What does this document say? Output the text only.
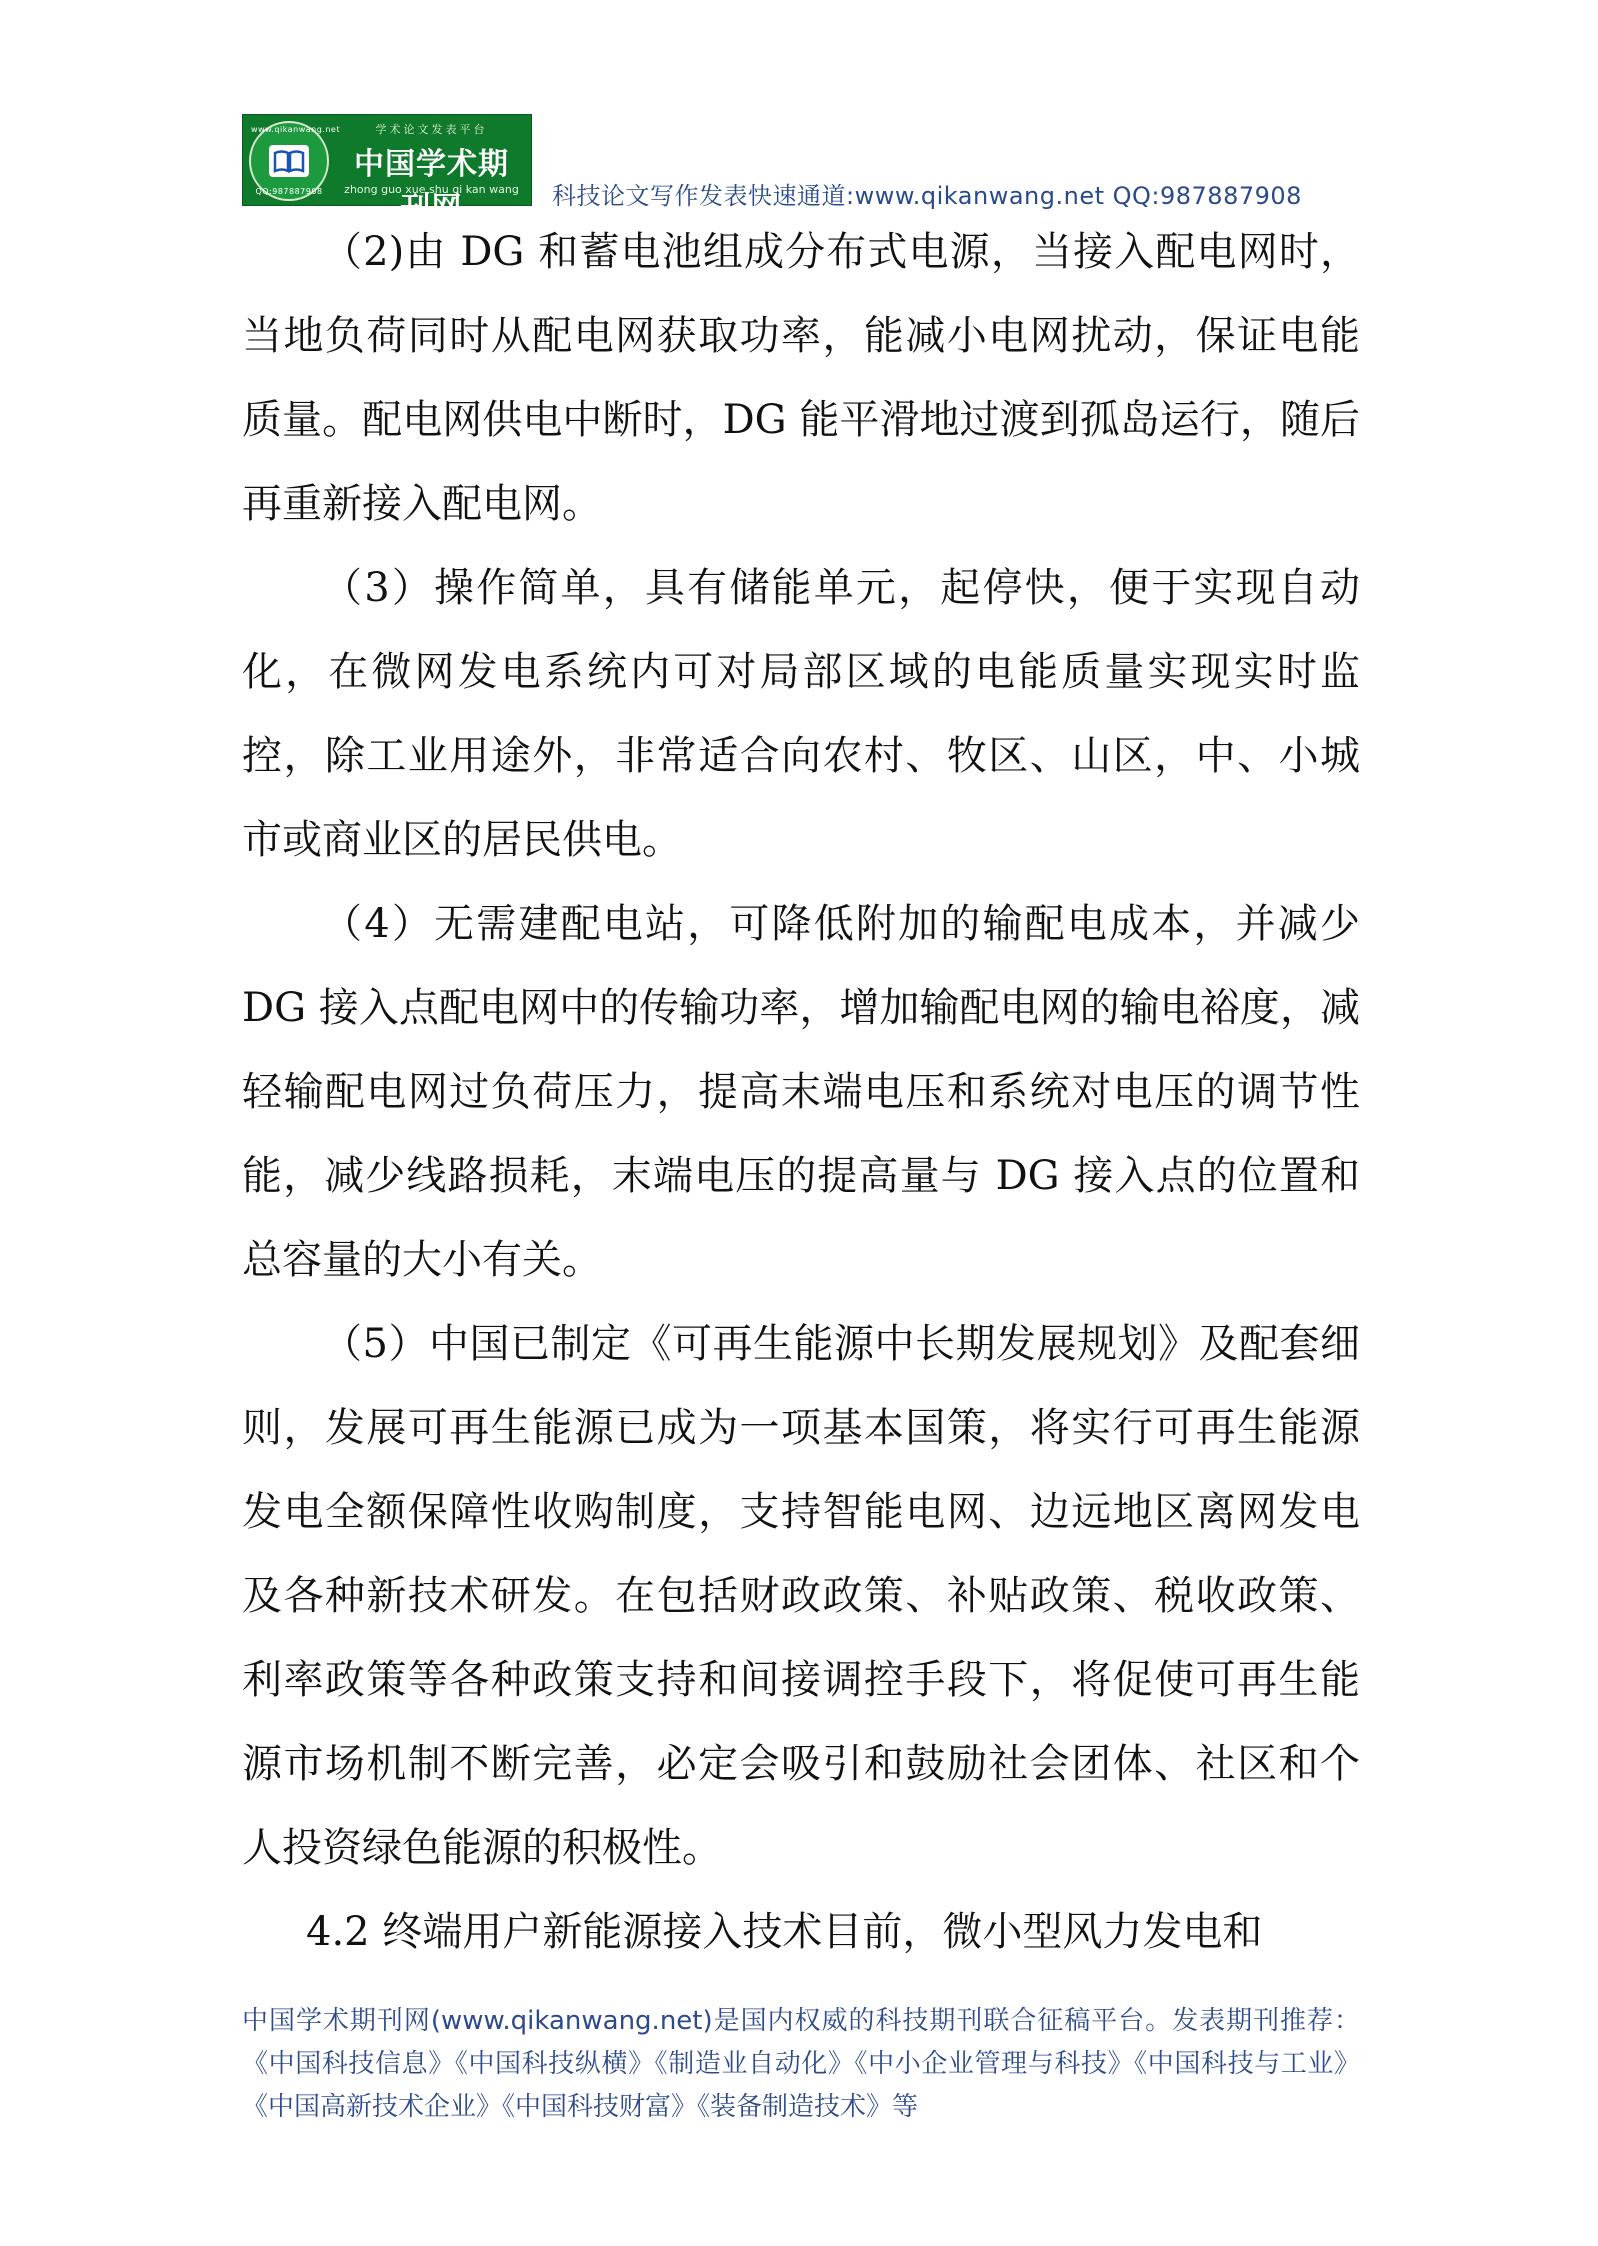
www.qikanwang.net
QQ:987887908
学术论文发表平台
中国学术期刊网
zhong guo xue shu qi kan wang 科技论文写作发表快速通道:www.qikanwang.net QQ:987887908

（2)由 DG 和蓄电池组成分布式电源，当接入配电网时，当地负荷同时从配电网获取功率，能减小电网扰动，保证电能质量。配电网供电中断时，DG 能平滑地过渡到孤岛运行，随后再重新接入配电网。

（3）操作简单，具有储能单元，起停快，便于实现自动化，在微网发电系统内可对局部区域的电能质量实现实时监控，除工业用途外，非常适合向农村、牧区、山区，中、小城市或商业区的居民供电。

（4）无需建配电站，可降低附加的输配电成本，并减少 DG 接入点配电网中的传输功率，增加输配电网的输电裕度，减轻输配电网过负荷压力，提高末端电压和系统对电压的调节性能，减少线路损耗，末端电压的提高量与 DG 接入点的位置和总容量的大小有关。

（5）中国已制定《可再生能源中长期发展规划》及配套细则，发展可再生能源已成为一项基本国策，将实行可再生能源发电全额保障性收购制度，支持智能电网、边远地区离网发电及各种新技术研发。在包括财政政策、补贴政策、税收政策、利率政策等各种政策支持和间接调控手段下，将促使可再生能源市场机制不断完善，必定会吸引和鼓励社会团体、社区和个人投资绿色能源的积极性。

4.2 终端用户新能源接入技术目前，微小型风力发电和

中国学术期刊网(www.qikanwang.net)是国内权威的科技期刊联合征稿平台。发表期刊推荐：《中国科技信息》《中国科技纵横》《制造业自动化》《中小企业管理与科技》《中国科技与工业》《中国高新技术企业》《中国科技财富》《装备制造技术》等
